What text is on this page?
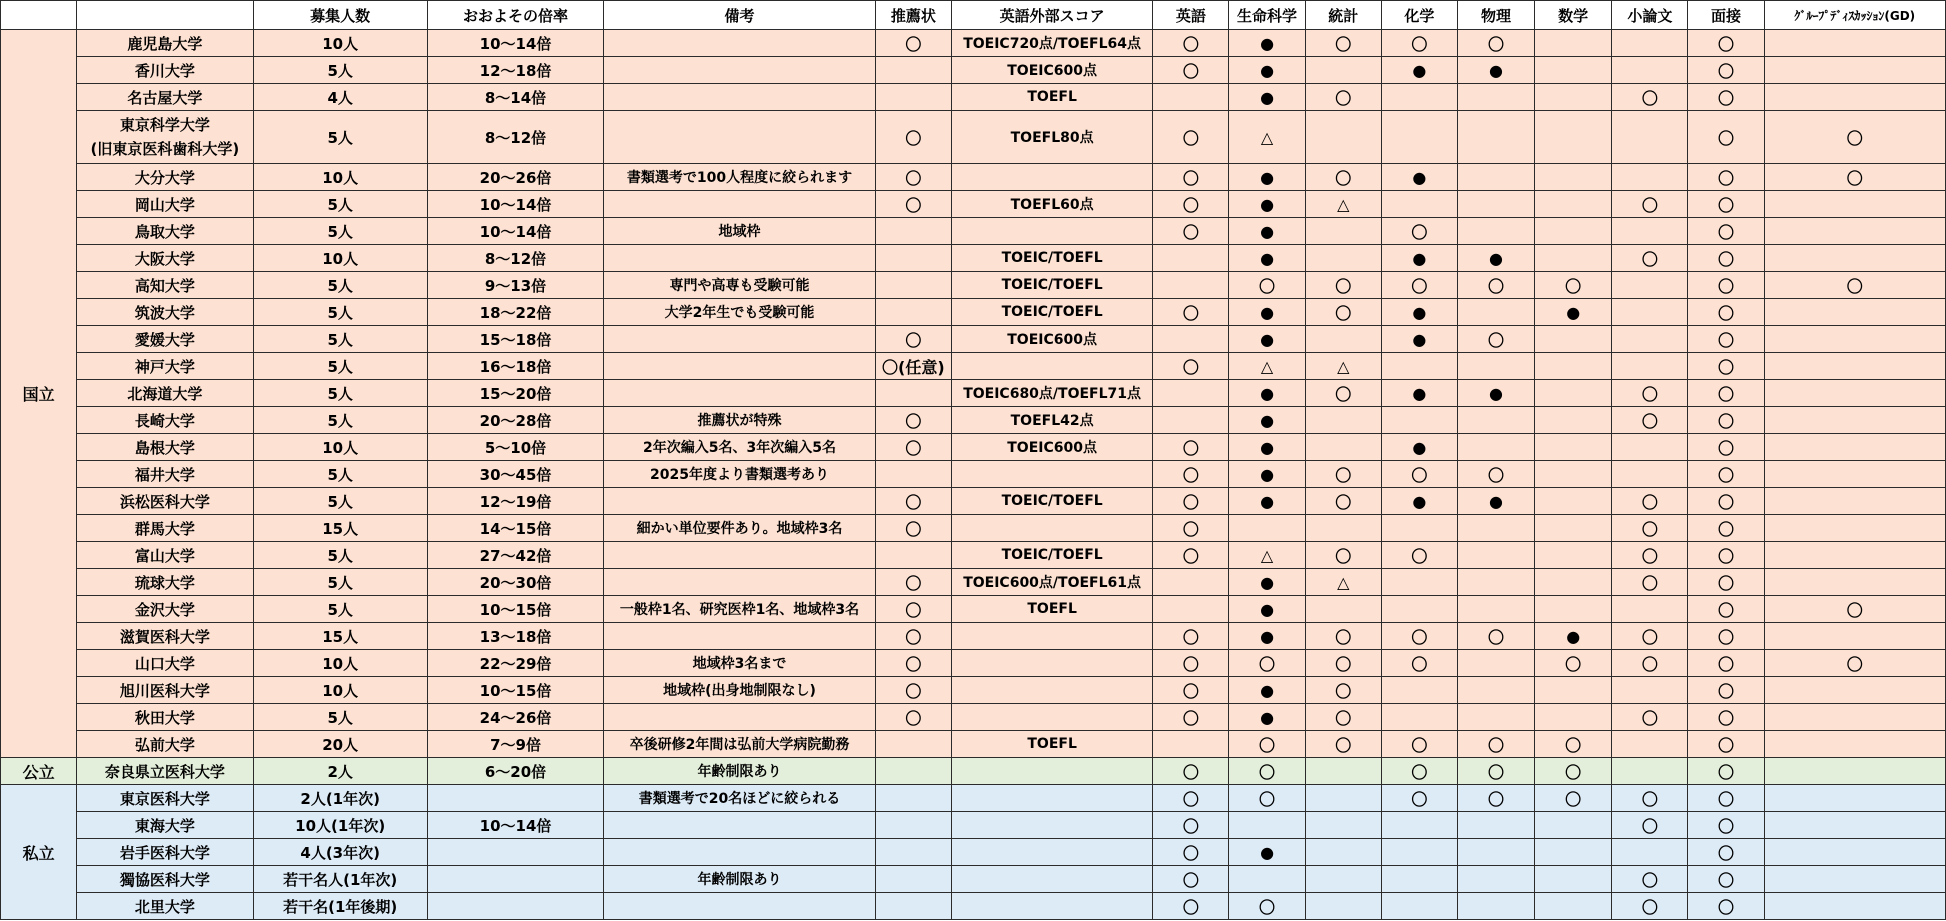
		募集人数	おおよその倍率	備考	推薦状	英語外部スコア	英語	生命科学	統計	化学	物理	数学	小論文	面接	ｸﾞﾙｰﾌﾟﾃﾞｨｽｶｯｼｮﾝ(GD)
国立	鹿児島大学	10人	10～14倍		〇	TOEIC720点/TOEFL64点	〇	●	〇	〇	〇			〇	
	香川大学	5人	12～18倍			TOEIC600点	〇	●		●	●			〇	
	名古屋大学	4人	8～14倍			TOEFL		●	〇				〇	〇	

	東京科学大学
(旧東京医科歯科大学)	5人	8～12倍		〇	TOEFL80点	〇	△						〇	〇
	大分大学	10人	20～26倍	書類選考で100人程度に絞られます	〇		〇	●	〇	●				〇	〇
	岡山大学	5人	10～14倍		〇	TOEFL60点	〇	●	△				〇	〇	
	鳥取大学	5人	10～14倍	地域枠			〇	●		〇				〇	
	大阪大学	10人	8～12倍			TOEIC/TOEFL		●		●	●		〇	〇	
	高知大学	5人	9～13倍	専門や高専も受験可能		TOEIC/TOEFL		〇	〇	〇	〇	〇		〇	〇
	筑波大学	5人	18～22倍	大学2年生でも受験可能		TOEIC/TOEFL	〇	●	〇	●		●		〇	
	愛媛大学	5人	15～18倍		〇	TOEIC600点		●		●	〇			〇	
	神戸大学	5人	16～18倍		〇(任意)		〇	△	△					〇	
	北海道大学	5人	15～20倍			TOEIC680点/TOEFL71点		●	〇	●	●		〇	〇	
	長崎大学	5人	20～28倍	推薦状が特殊	〇	TOEFL42点		●					〇	〇	
	島根大学	10人	5～10倍	2年次編入5名、3年次編入5名	〇	TOEIC600点	〇	●		●				〇	
	福井大学	5人	30～45倍	2025年度より書類選考あり			〇	●	〇	〇	〇			〇	
	浜松医科大学	5人	12～19倍		〇	TOEIC/TOEFL	〇	●	〇	●	●		〇	〇	
	群馬大学	15人	14～15倍	細かい単位要件あり。地域枠3名	〇		〇						〇	〇	
	富山大学	5人	27～42倍			TOEIC/TOEFL	〇	△	〇	〇			〇	〇	
	琉球大学	5人	20～30倍		〇	TOEIC600点/TOEFL61点		●	△				〇	〇	
	金沢大学	5人	10～15倍	一般枠1名、研究医枠1名、地域枠3名	〇	TOEFL		●						〇	〇
	滋賀医科大学	15人	13～18倍		〇		〇	●	〇	〇	〇	●	〇	〇	
	山口大学	10人	22～29倍	地域枠3名まで	〇		〇	〇	〇	〇		〇	〇	〇	〇
	旭川医科大学	10人	10～15倍	地域枠(出身地制限なし)	〇		〇	●	〇					〇	
	秋田大学	5人	24～26倍		〇		〇	●	〇				〇	〇	
	弘前大学	20人	7～9倍	卒後研修2年間は弘前大学病院勤務		TOEFL		〇	〇	〇	〇	〇		〇	
公立	奈良県立医科大学	2人	6～20倍	年齢制限あり			〇	〇		〇	〇	〇		〇	
私立	東京医科大学	2人(1年次)		書類選考で20名ほどに絞られる			〇	〇		〇	〇	〇	〇	〇	
	東海大学	10人(1年次)	10～14倍				〇						〇	〇	
	岩手医科大学	4人(3年次)					〇	●						〇	
	獨協医科大学	若干名人(1年次)		年齢制限あり			〇						〇	〇	
	北里大学	若干名(1年後期)					〇	〇					〇	〇	
